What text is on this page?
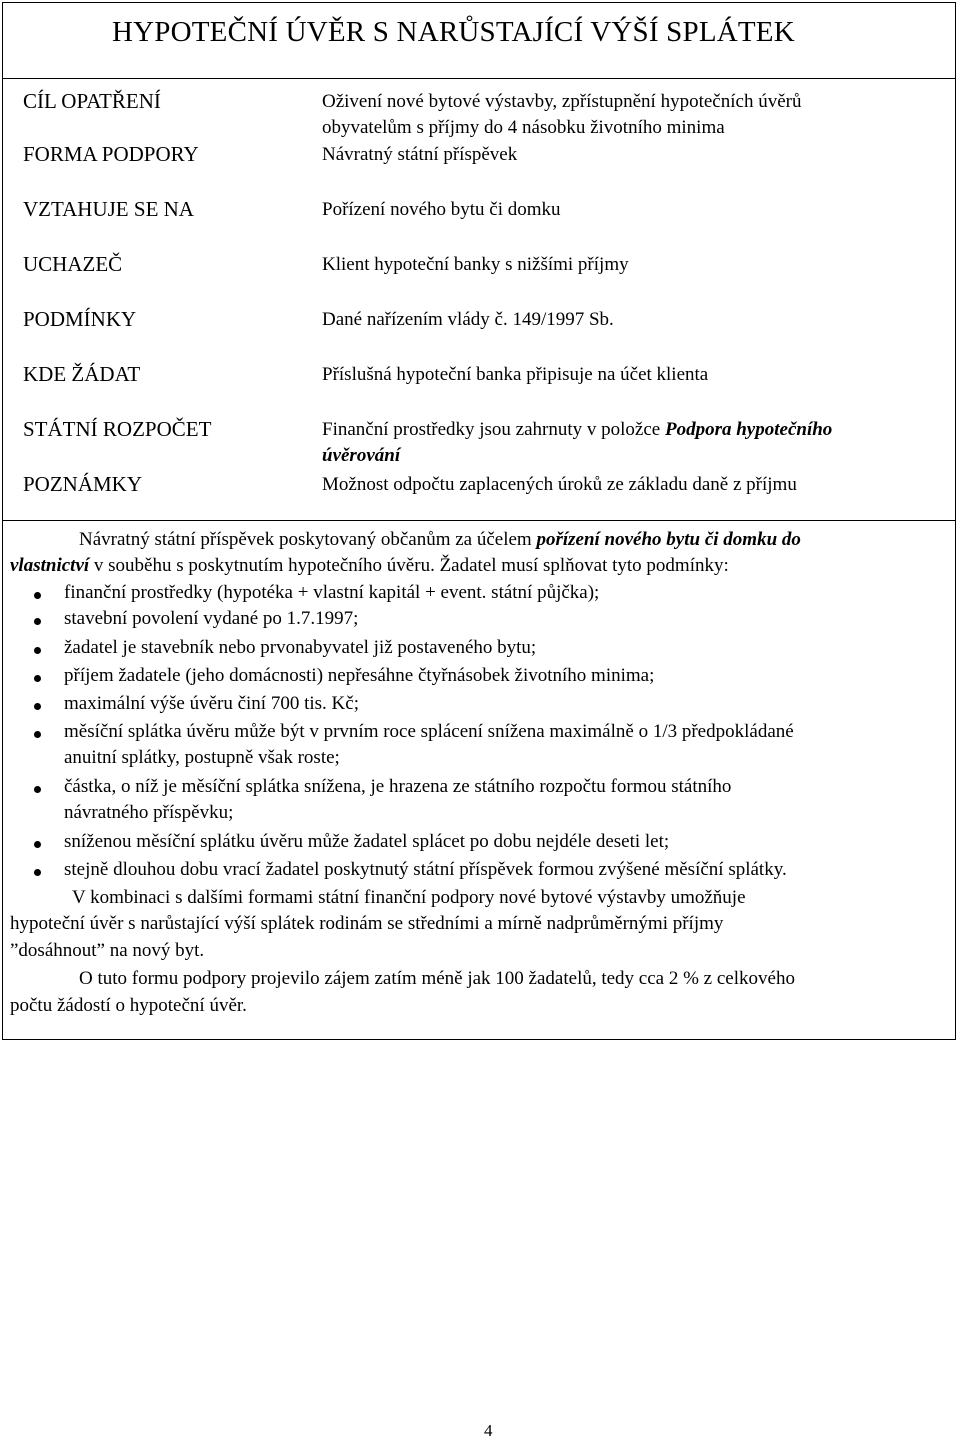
HYPOTEČNÍ ÚVĚR S NARŮSTAJÍCÍ VÝŠÍ SPLÁTEK
CÍL OPATŘENÍ	Oživení nové bytové výstavby, zpřístupnění hypotečních úvěrů
obyvatelům s příjmy do 4 násobku životního minima
FORMA PODPORY	Návratný státní příspěvek
VZTAHUJE SE NA	Pořízení nového bytu či domku
UCHAZEČ	Klient hypoteční banky s nižšími příjmy
PODMÍNKY	Dané nařízením vlády č. 149/1997 Sb.
KDE ŽÁDAT	Příslušná hypoteční banka připisuje na účet klienta
STÁTNÍ ROZPOČET	Finanční prostředky jsou zahrnuty v položce Podpora hypotečního
úvěrování
POZNÁMKY	Možnost odpočtu zaplacených úroků ze základu daně z příjmu
Návratný státní příspěvek poskytovaný občanům za účelem pořízení nového bytu či domku do
vlastnictví v souběhu s poskytnutím hypotečního úvěru. Žadatel musí splňovat tyto podmínky:
finanční prostředky (hypotéka + vlastní kapitál + event. státní půjčka);
stavební povolení vydané po 1.7.1997;
žadatel je stavebník nebo prvonabyvatel již postaveného bytu;
příjem žadatele (jeho domácnosti) nepřesáhne čtyřnásobek životního minima;
maximální výše úvěru činí 700 tis. Kč;
měsíční splátka úvěru může být v prvním roce splácení snížena maximálně o 1/3 předpokládané
anuitní splátky, postupně však roste;
částka, o níž je měsíční splátka snížena, je hrazena ze státního rozpočtu formou státního
návratného příspěvku;
sníženou měsíční splátku úvěru může žadatel splácet po dobu nejdéle deseti let;
stejně dlouhou dobu vrací žadatel poskytnutý státní příspěvek formou zvýšené měsíční splátky.
V kombinaci s dalšími formami státní finanční podpory nové bytové výstavby umožňuje
hypoteční úvěr s narůstající výší splátek rodinám se středními a mírně nadprůměrnými příjmy
”dosáhnout” na nový byt.
O tuto formu podpory projevilo zájem zatím méně jak 100 žadatelů, tedy cca 2 % z celkového
počtu žádostí o hypoteční úvěr.
4
